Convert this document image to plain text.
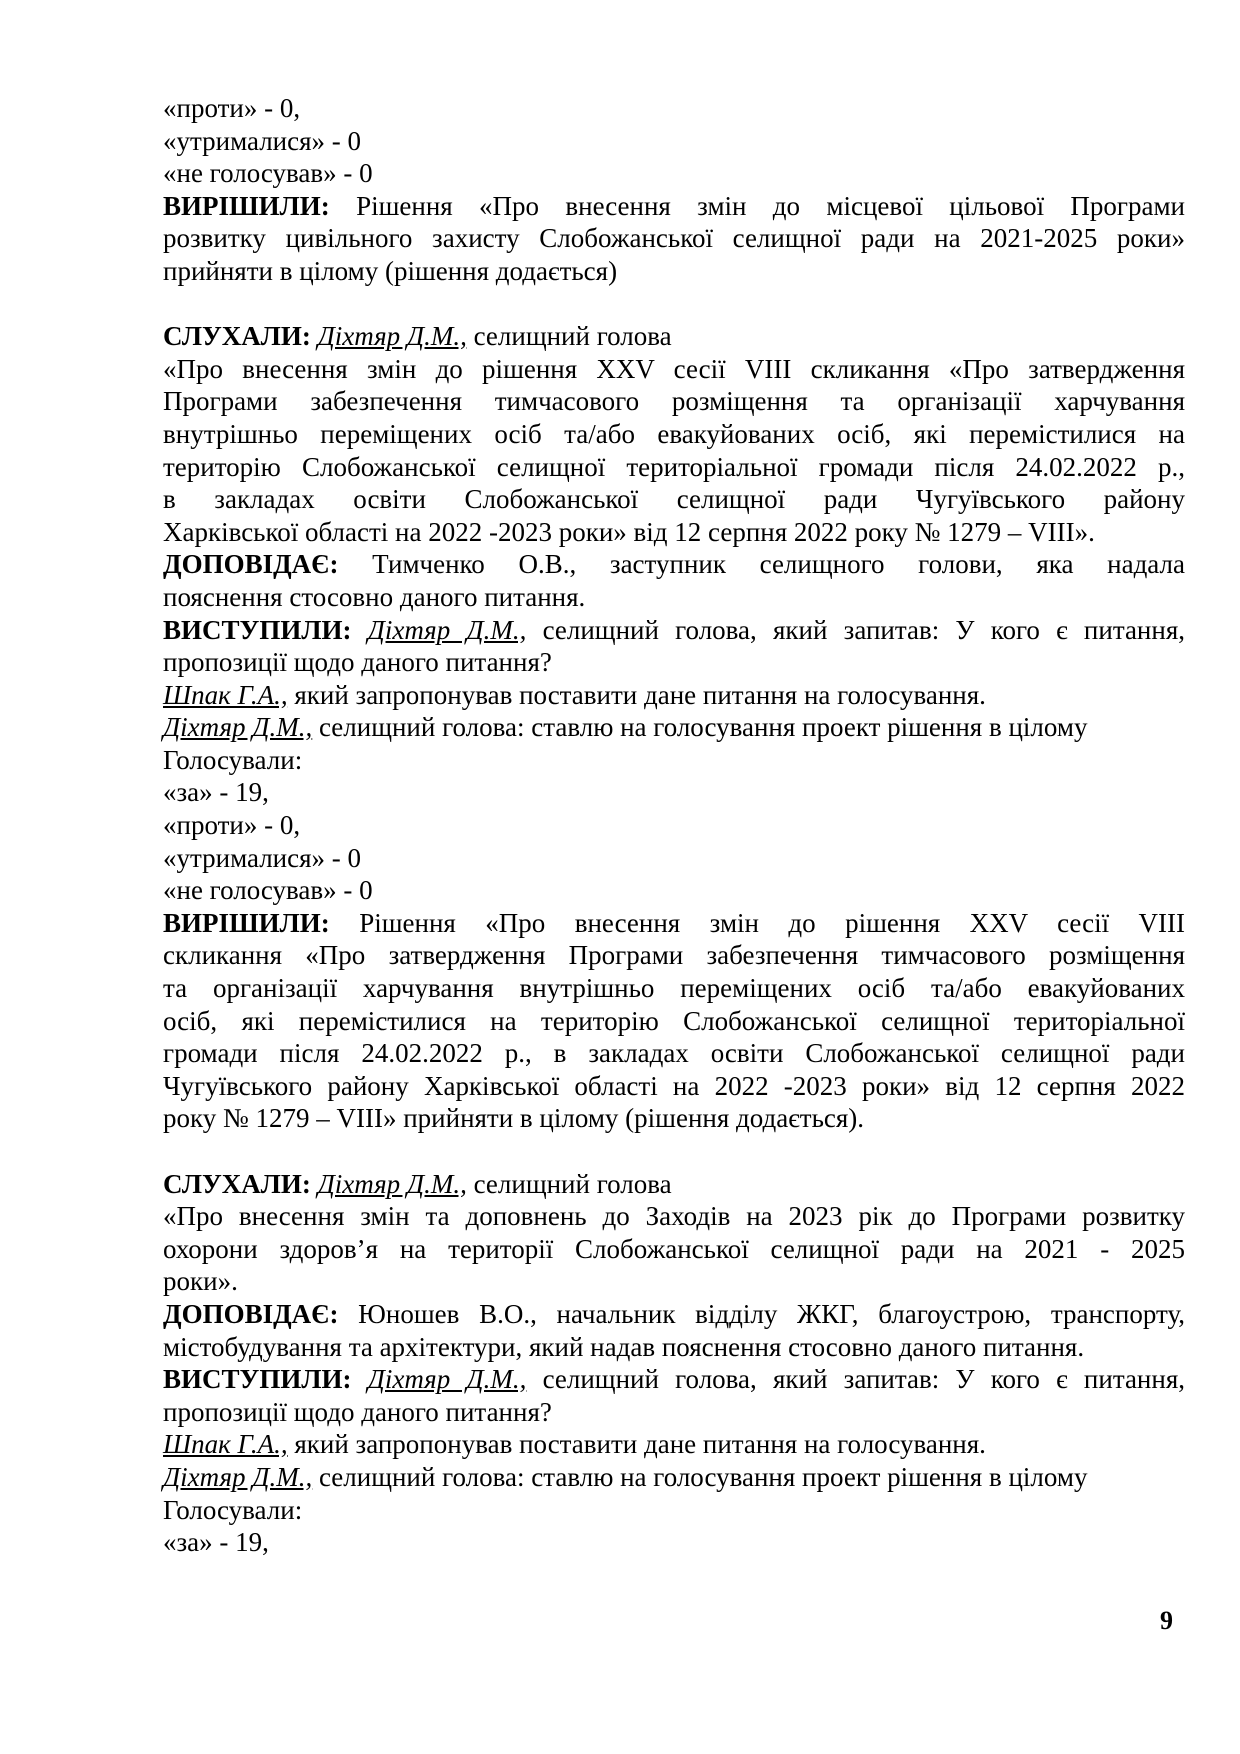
«проти» - 0,
«утрималися» - 0
«не голосував» - 0
ВИРІШИЛИ: Рішення «Про внесення змін до місцевої цільової Програми
розвитку цивільного захисту Слобожанської селищної ради на 2021-2025 роки»
прийняти в цілому (рішення додається)
СЛУХАЛИ: Діхтяр Д.М., селищний голова
«Про внесення змін до рішення XXV сесії VIII скликання «Про затвердження
Програми забезпечення тимчасового розміщення та організації харчування
внутрішньо переміщених осіб та/або евакуйованих осіб, які перемістилися на
територію Слобожанської селищної територіальної громади після 24.02.2022 р.,
в закладах освіти Слобожанської селищної ради Чугуївського району
Харківської області на 2022 -2023 роки» від 12 серпня 2022 року № 1279 – VIII».
ДОПОВІДАЄ: Тимченко О.В., заступник селищного голови, яка надала
пояснення стосовно даного питання.
ВИСТУПИЛИ: Діхтяр Д.М., селищний голова, який запитав: У кого є питання,
пропозиції щодо даного питання?
Шпак Г.А., який запропонував поставити дане питання на голосування.
Діхтяр Д.М., селищний голова: ставлю на голосування проект рішення в цілому
Голосували:
«за» - 19,
«проти» - 0,
«утрималися» - 0
«не голосував» - 0
ВИРІШИЛИ: Рішення «Про внесення змін до рішення XXV сесії VIII
скликання «Про затвердження Програми забезпечення тимчасового розміщення
та організації харчування внутрішньо переміщених осіб та/або евакуйованих
осіб, які перемістилися на територію Слобожанської селищної територіальної
громади після 24.02.2022 р., в закладах освіти Слобожанської селищної ради
Чугуївського району Харківської області на 2022 -2023 роки» від 12 серпня 2022
року № 1279 – VIII» прийняти в цілому (рішення додається).
СЛУХАЛИ: Діхтяр Д.М., селищний голова
«Про внесення змін та доповнень до Заходів на 2023 рік до Програми розвитку
охорони здоров’я на території Слобожанської селищної ради на 2021 - 2025
роки».
ДОПОВІДАЄ: Юношев В.О., начальник відділу ЖКГ, благоустрою, транспорту,
містобудування та архітектури, який надав пояснення стосовно даного питання.
ВИСТУПИЛИ: Діхтяр Д.М., селищний голова, який запитав: У кого є питання,
пропозиції щодо даного питання?
Шпак Г.А., який запропонував поставити дане питання на голосування.
Діхтяр Д.М., селищний голова: ставлю на голосування проект рішення в цілому
Голосували:
«за» - 19,
9
